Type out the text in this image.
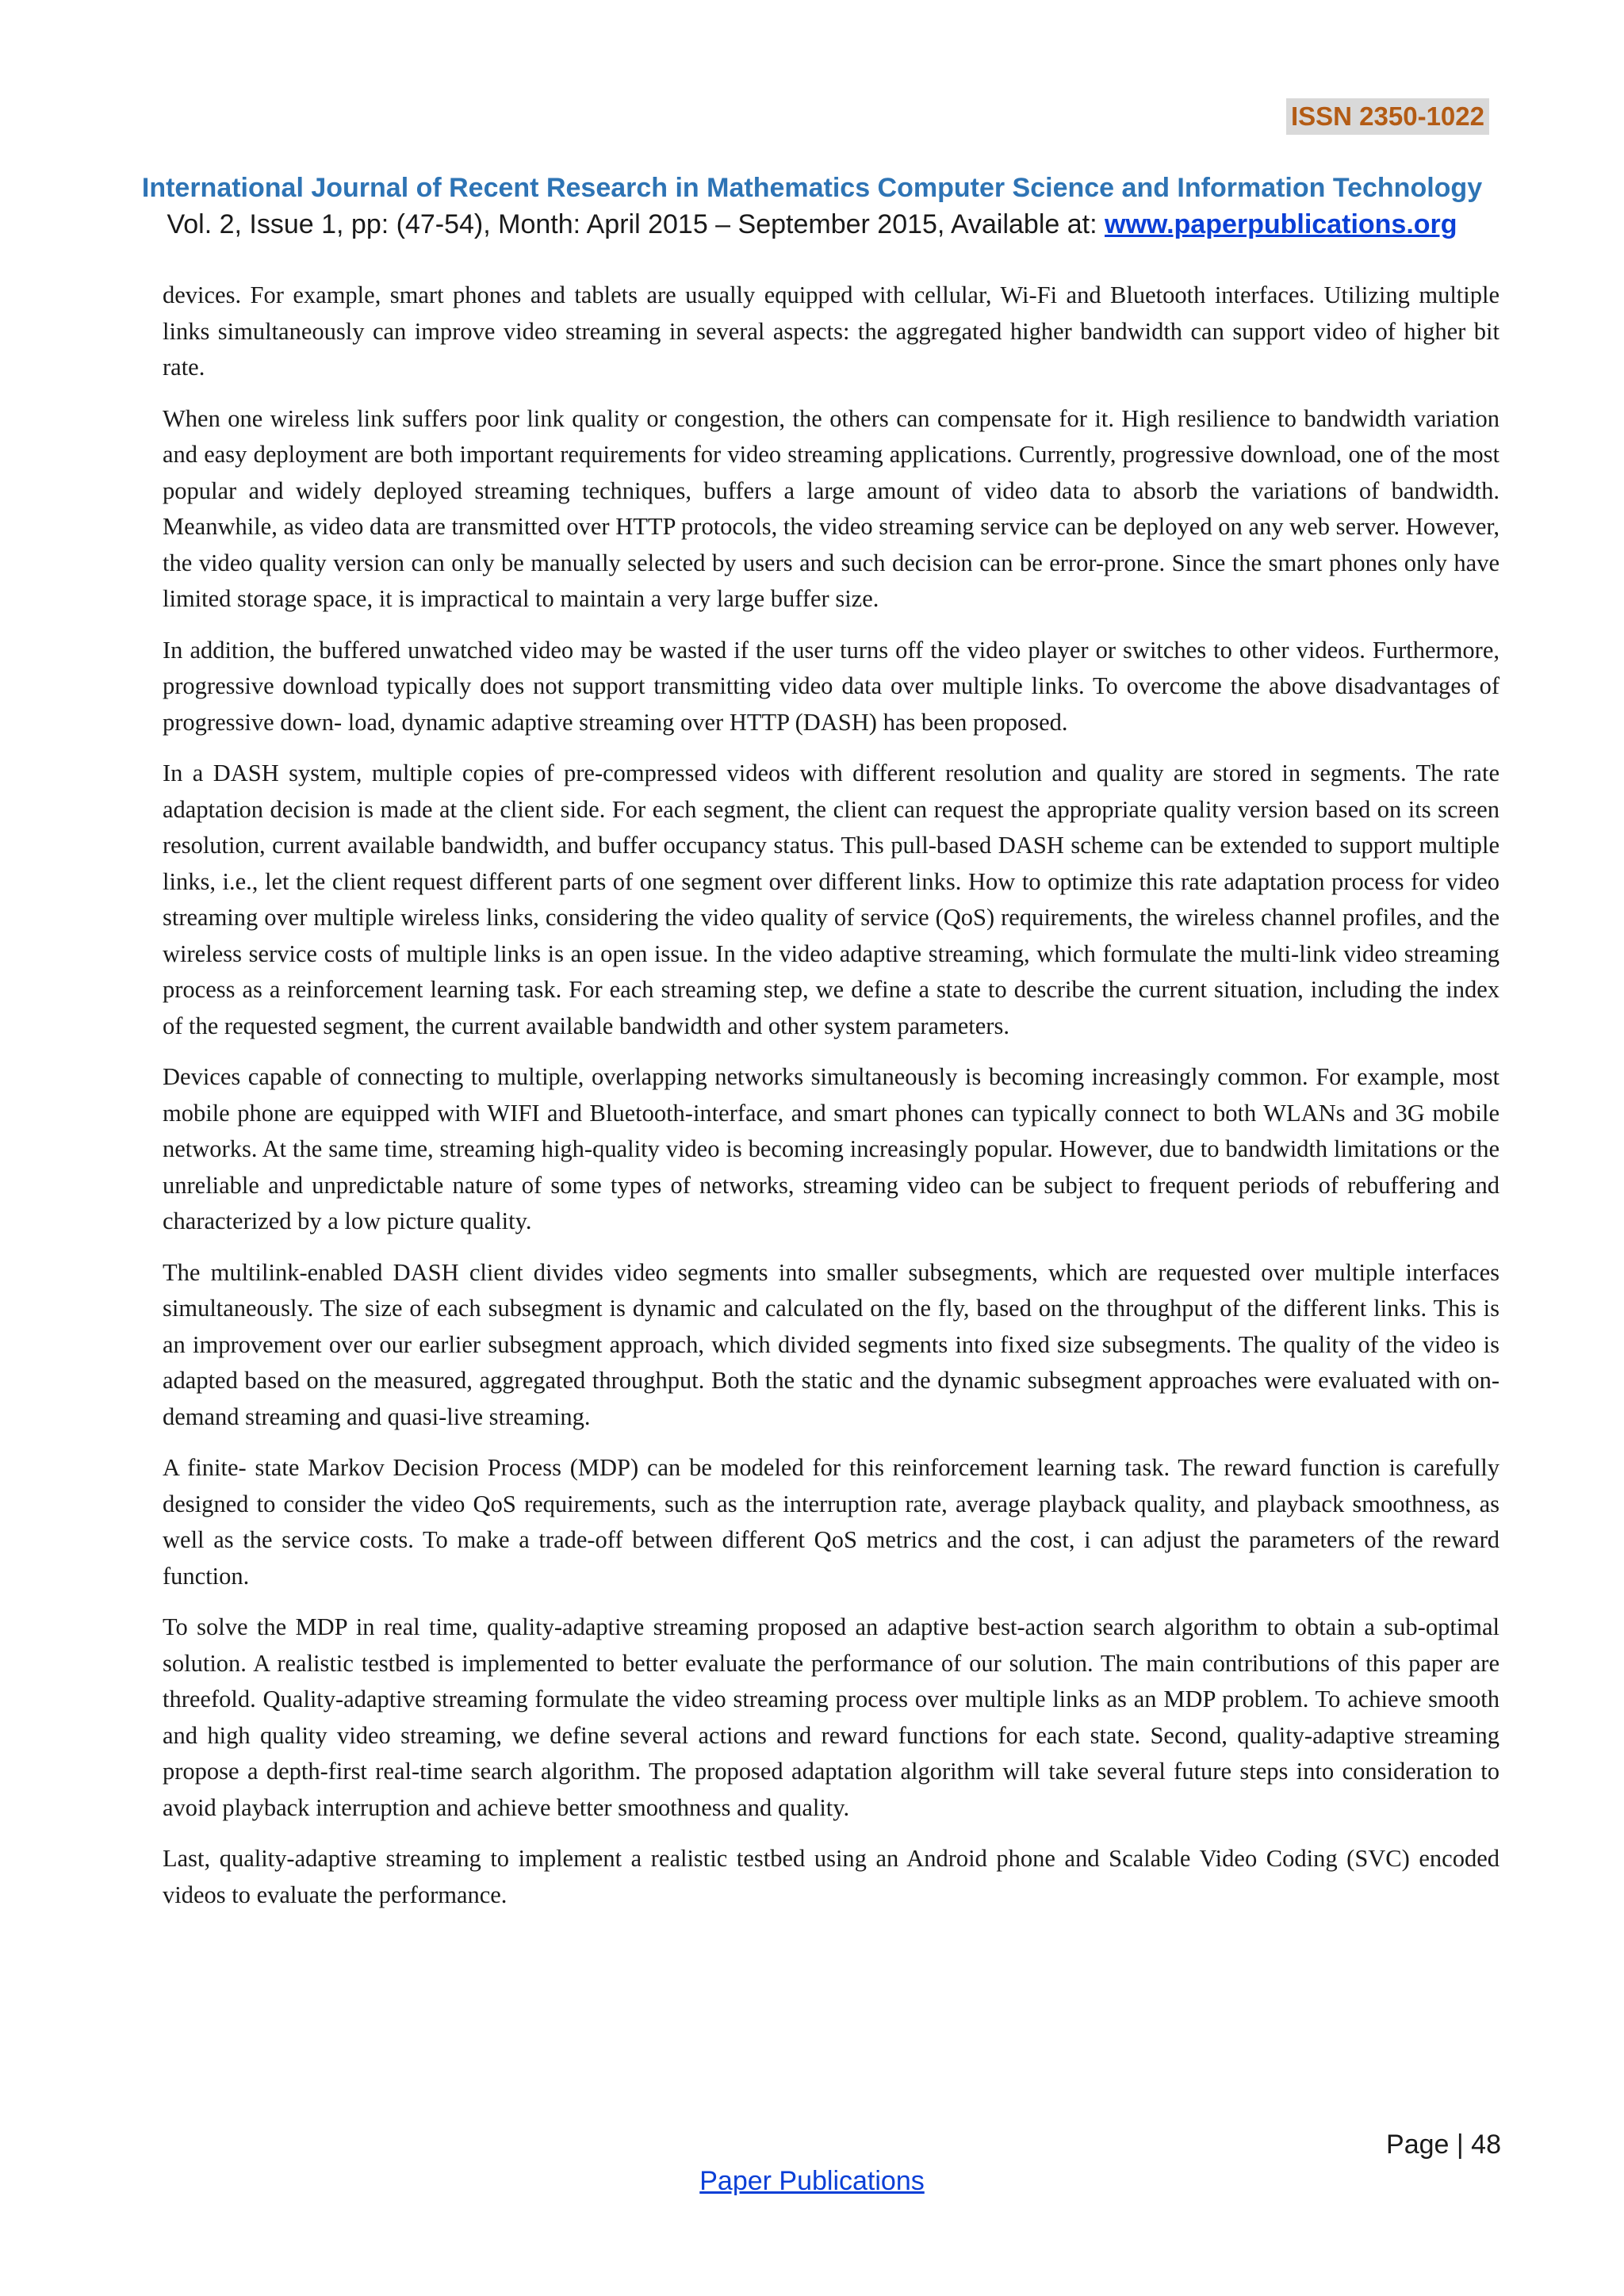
ISSN 2350-1022
International Journal of Recent Research in Mathematics Computer Science and Information Technology
Vol. 2, Issue 1, pp: (47-54), Month: April 2015 – September 2015, Available at: www.paperpublications.org

devices. For example, smart phones and tablets are usually equipped with cellular, Wi-Fi and Bluetooth interfaces. Utilizing multiple links simultaneously can improve video streaming in several aspects: the aggregated higher bandwidth can support video of higher bit rate.

When one wireless link suffers poor link quality or congestion, the others can compensate for it. High resilience to bandwidth variation and easy deployment are both important requirements for video streaming applications. Currently, progressive download, one of the most popular and widely deployed streaming techniques, buffers a large amount of video data to absorb the variations of bandwidth. Meanwhile, as video data are transmitted over HTTP protocols, the video streaming service can be deployed on any web server. However, the video quality version can only be manually selected by users and such decision can be error-prone. Since the smart phones only have limited storage space, it is impractical to maintain a very large buffer size.

In addition, the buffered unwatched video may be wasted if the user turns off the video player or switches to other videos. Furthermore, progressive download typically does not support transmitting video data over multiple links. To overcome the above disadvantages of progressive down- load, dynamic adaptive streaming over HTTP (DASH) has been proposed.

In a DASH system, multiple copies of pre-compressed videos with different resolution and quality are stored in segments. The rate adaptation decision is made at the client side. For each segment, the client can request the appropriate quality version based on its screen resolution, current available bandwidth, and buffer occupancy status. This pull-based DASH scheme can be extended to support multiple links, i.e., let the client request different parts of one segment over different links. How to optimize this rate adaptation process for video streaming over multiple wireless links, considering the video quality of service (QoS) requirements, the wireless channel profiles, and the wireless service costs of multiple links is an open issue. In the video adaptive streaming, which formulate the multi-link video streaming process as a reinforcement learning task. For each streaming step, we define a state to describe the current situation, including the index of the requested segment, the current available bandwidth and other system parameters.

Devices capable of connecting to multiple, overlapping networks simultaneously is becoming increasingly common. For example, most mobile phone are equipped with WIFI and Bluetooth-interface, and smart phones can typically connect to both WLANs and 3G mobile networks. At the same time, streaming high-quality video is becoming increasingly popular. However, due to bandwidth limitations or the unreliable and unpredictable nature of some types of networks, streaming video can be subject to frequent periods of rebuffering and characterized by a low picture quality.

The multilink-enabled DASH client divides video segments into smaller subsegments, which are requested over multiple interfaces simultaneously. The size of each subsegment is dynamic and calculated on the fly, based on the throughput of the different links. This is an improvement over our earlier subsegment approach, which divided segments into fixed size subsegments. The quality of the video is adapted based on the measured, aggregated throughput. Both the static and the dynamic subsegment approaches were evaluated with on-demand streaming and quasi-live streaming.

A finite- state Markov Decision Process (MDP) can be modeled for this reinforcement learning task. The reward function is carefully designed to consider the video QoS requirements, such as the interruption rate, average playback quality, and playback smoothness, as well as the service costs. To make a trade-off between different QoS metrics and the cost, i can adjust the parameters of the reward function.

To solve the MDP in real time, quality-adaptive streaming proposed an adaptive best-action search algorithm to obtain a sub-optimal solution. A realistic testbed is implemented to better evaluate the performance of our solution. The main contributions of this paper are threefold. Quality-adaptive streaming formulate the video streaming process over multiple links as an MDP problem. To achieve smooth and high quality video streaming, we define several actions and reward functions for each state. Second, quality-adaptive streaming propose a depth-first real-time search algorithm. The proposed adaptation algorithm will take several future steps into consideration to avoid playback interruption and achieve better smoothness and quality.

Last, quality-adaptive streaming to implement a realistic testbed using an Android phone and Scalable Video Coding (SVC) encoded videos to evaluate the performance.

Page | 48
Paper Publications
